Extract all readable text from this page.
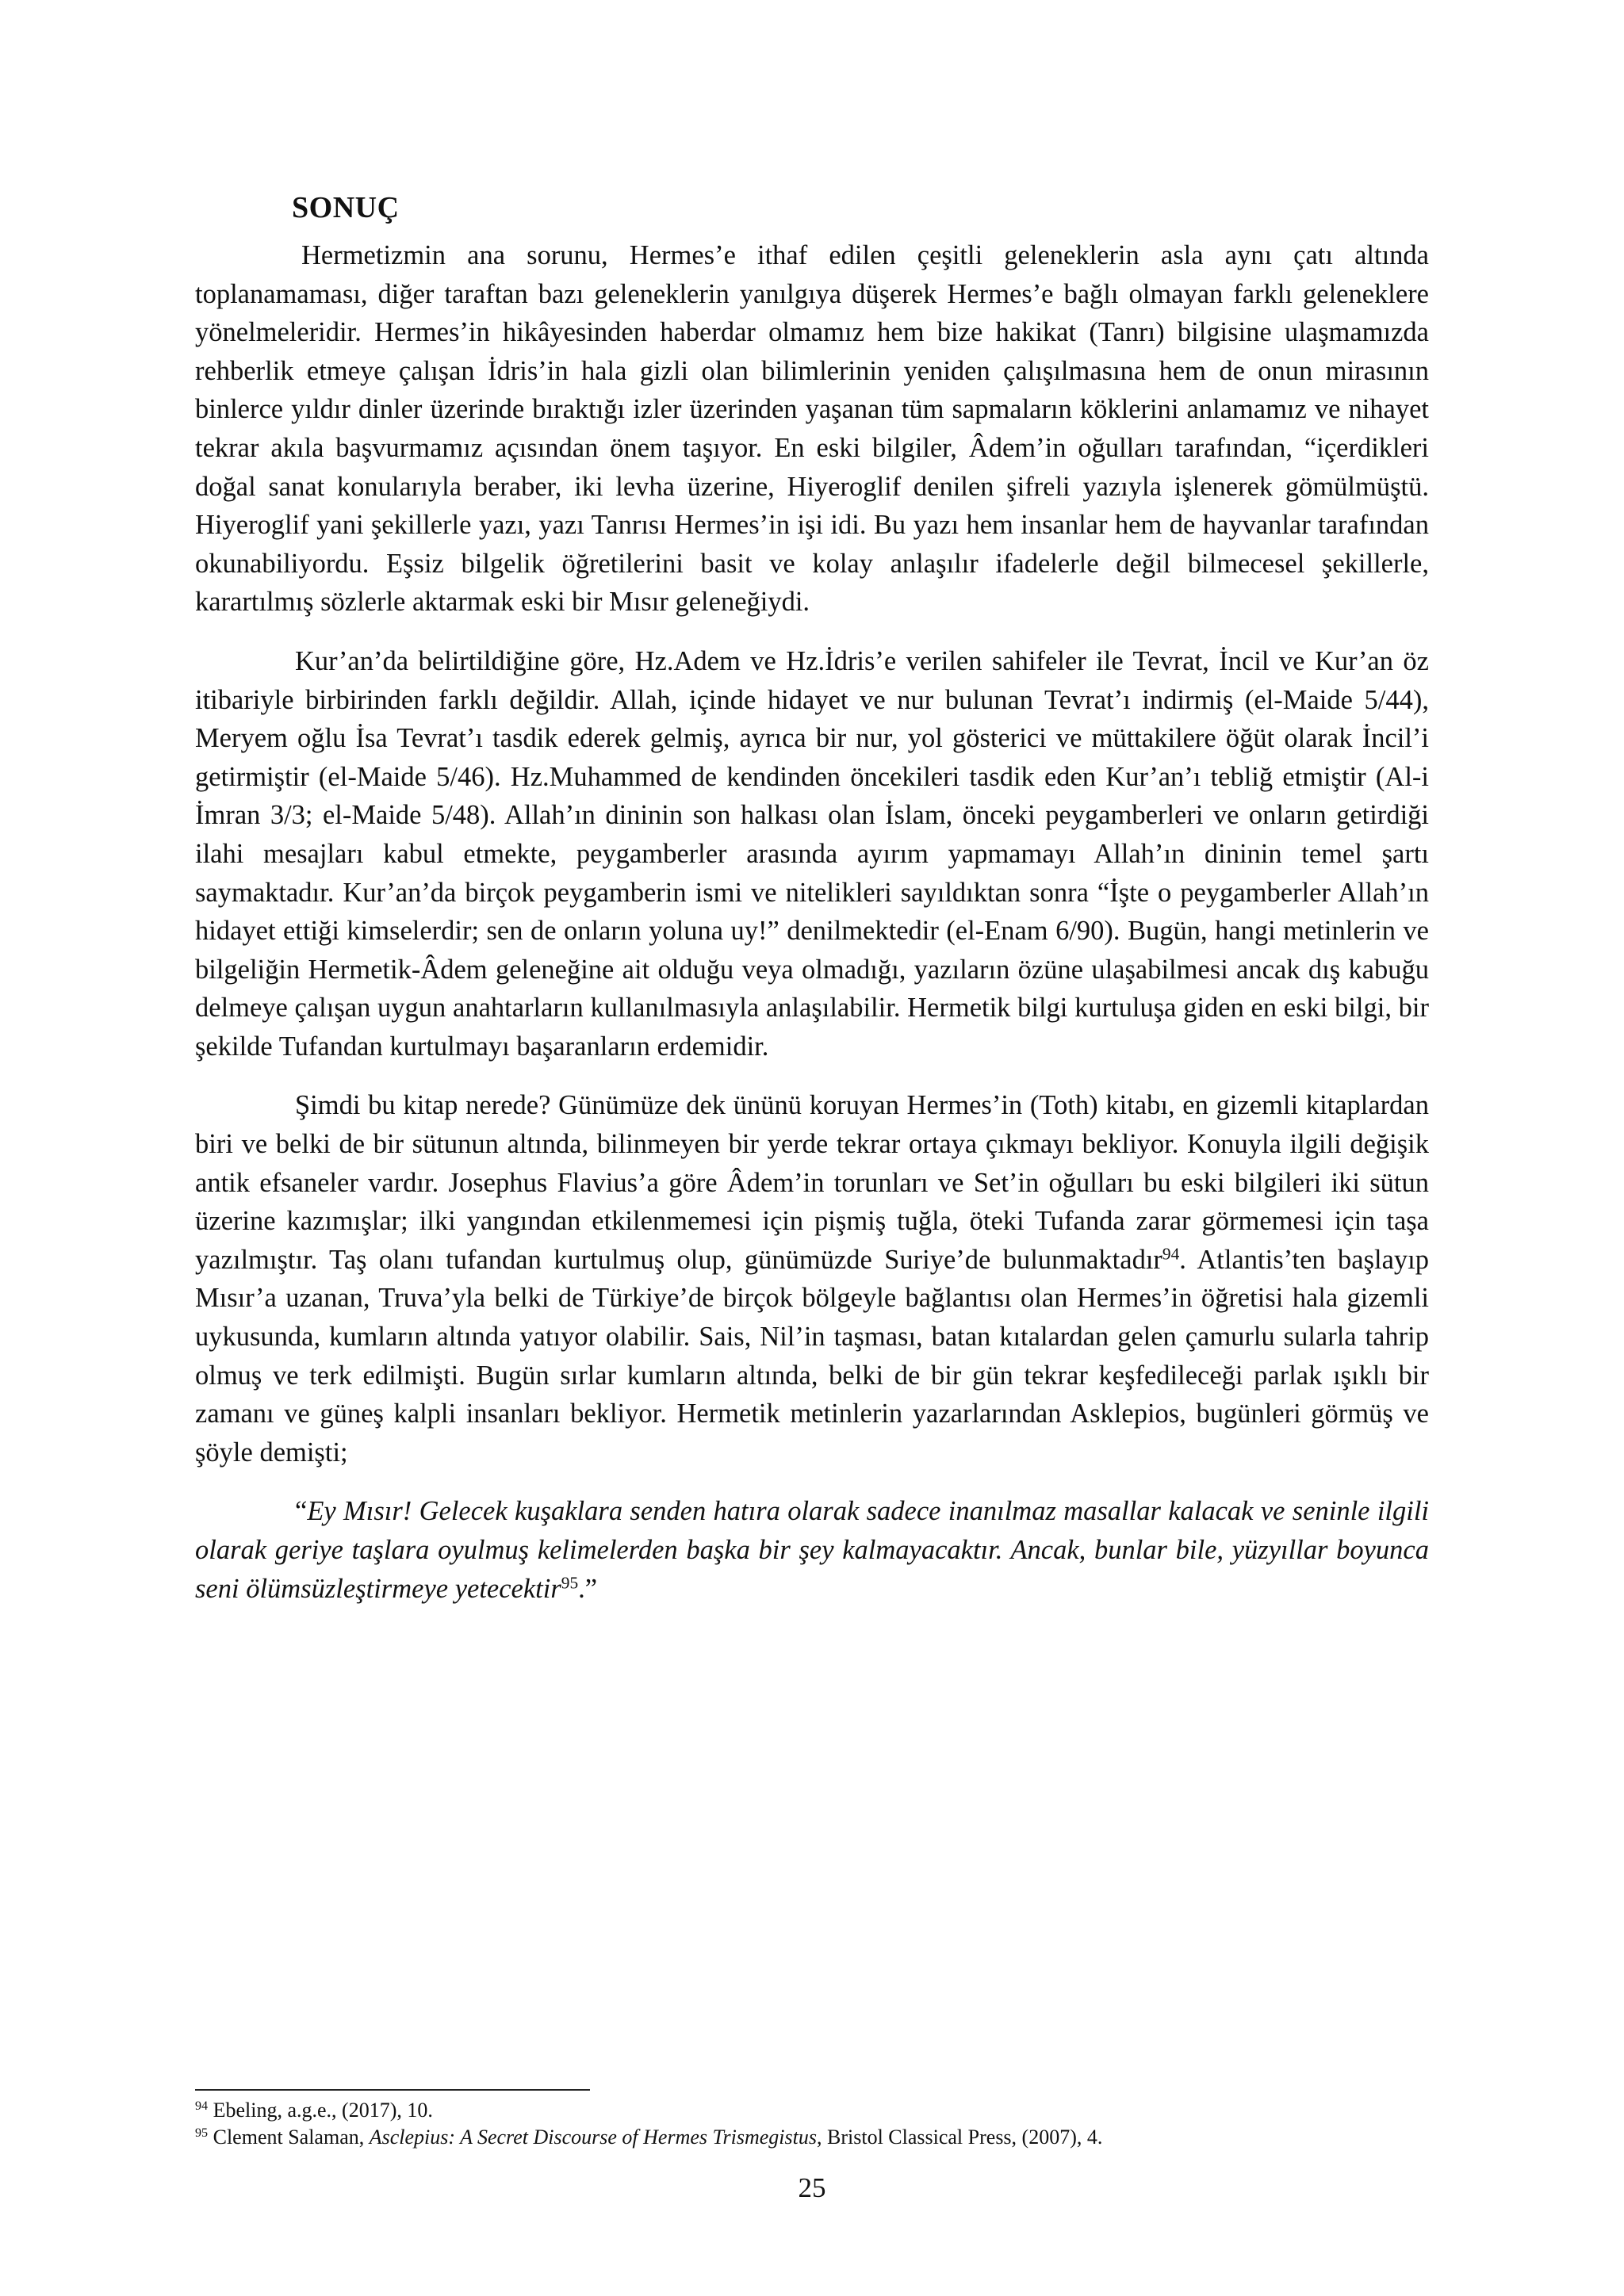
SONUÇ

Hermetizmin ana sorunu, Hermes’e ithaf edilen çeşitli geleneklerin asla aynı çatı altında toplanamaması, diğer taraftan bazı geleneklerin yanılgıya düşerek Hermes’e bağlı olmayan farklı geleneklere yönelmeleridir. Hermes’in hikâyesinden haberdar olmamız hem bize hakikat (Tanrı) bilgisine ulaşmamızda rehberlik etmeye çalışan İdris’in hala gizli olan bilimlerinin yeniden çalışılmasına hem de onun mirasının binlerce yıldır dinler üzerinde bıraktığı izler üzerinden yaşanan tüm sapmaların köklerini anlamamız ve nihayet tekrar akıla başvurmamız açısından önem taşıyor. En eski bilgiler, Âdem’in oğulları tarafından, “içerdikleri doğal sanat konularıyla beraber, iki levha üzerine, Hiyeroglif denilen şifreli yazıyla işlenerek gömülmüştü. Hiyeroglif yani şekillerle yazı, yazı Tanrısı Hermes’in işi idi. Bu yazı hem insanlar hem de hayvanlar tarafından okunabiliyordu. Eşsiz bilgelik öğretilerini basit ve kolay anlaşılır ifadelerle değil bilmecesel şekillerle, karartılmış sözlerle aktarmak eski bir Mısır geleneğiydi.

Kur’an’da belirtildiğine göre, Hz.Adem ve Hz.İdris’e verilen sahifeler ile Tevrat, İncil ve Kur’an öz itibariyle birbirinden farklı değildir. Allah, içinde hidayet ve nur bulunan Tevrat’ı indirmiş (el-Maide 5/44), Meryem oğlu İsa Tevrat’ı tasdik ederek gelmiş, ayrıca bir nur, yol gösterici ve müttakilere öğüt olarak İncil’i getirmiştir (el-Maide 5/46). Hz.Muhammed de kendinden öncekileri tasdik eden Kur’an’ı tebliğ etmiştir (Al-i İmran 3/3; el-Maide 5/48). Allah’ın dininin son halkası olan İslam, önceki peygamberleri ve onların getirdiği ilahi mesajları kabul etmekte, peygamberler arasında ayırım yapmamayı Allah’ın dininin temel şartı saymaktadır. Kur’an’da birçok peygamberin ismi ve nitelikleri sayıldıktan sonra “İşte o peygamberler Allah’ın hidayet ettiği kimselerdir; sen de onların yoluna uy!” denilmektedir (el-Enam 6/90). Bugün, hangi metinlerin ve bilgeliğin Hermetik-Âdem geleneğine ait olduğu veya olmadığı, yazıların özüne ulaşabilmesi ancak dış kabuğu delmeye çalışan uygun anahtarların kullanılmasıyla anlaşılabilir. Hermetik bilgi kurtuluşa giden en eski bilgi, bir şekilde Tufandan kurtulmayı başaranların erdemidir.

Şimdi bu kitap nerede? Günümüze dek ününü koruyan Hermes’in (Toth) kitabı, en gizemli kitaplardan biri ve belki de bir sütunun altında, bilinmeyen bir yerde tekrar ortaya çıkmayı bekliyor. Konuyla ilgili değişik antik efsaneler vardır. Josephus Flavius’a göre Âdem’in torunları ve Set’in oğulları bu eski bilgileri iki sütun üzerine kazımışlar; ilki yangından etkilenmemesi için pişmiş tuğla, öteki Tufanda zarar görmemesi için taşa yazılmıştır. Taş olanı tufandan kurtulmuş olup, günümüzde Suriye’de bulunmaktadır$^{94}$. Atlantis’ten başlayıp Mısır’a uzanan, Truva’yla belki de Türkiye’de birçok bölgeyle bağlantısı olan Hermes’in öğretisi hala gizemli uykusunda, kumların altında yatıyor olabilir. Sais, Nil’in taşması, batan kıtalardan gelen çamurlu sularla tahrip olmuş ve terk edilmişti. Bugün sırlar kumların altında, belki de bir gün tekrar keşfedileceği parlak ışıklı bir zamanı ve güneş kalpli insanları bekliyor. Hermetik metinlerin yazarlarından Asklepios, bugünleri görmüş ve şöyle demişti;

“Ey Mısır! Gelecek kuşaklara senden hatıra olarak sadece inanılmaz masallar kalacak ve seninle ilgili olarak geriye taşlara oyulmuş kelimelerden başka bir şey kalmayacaktır. Ancak, bunlar bile, yüzyıllar boyunca seni ölümsüzleştirmeye yetecektir$^{95}$.”

$^{94}$ Ebeling, a.g.e., (2017), 10.

$^{95}$ Clement Salaman, Asclepius: A Secret Discourse of Hermes Trismegistus, Bristol Classical Press, (2007), 4.

25
